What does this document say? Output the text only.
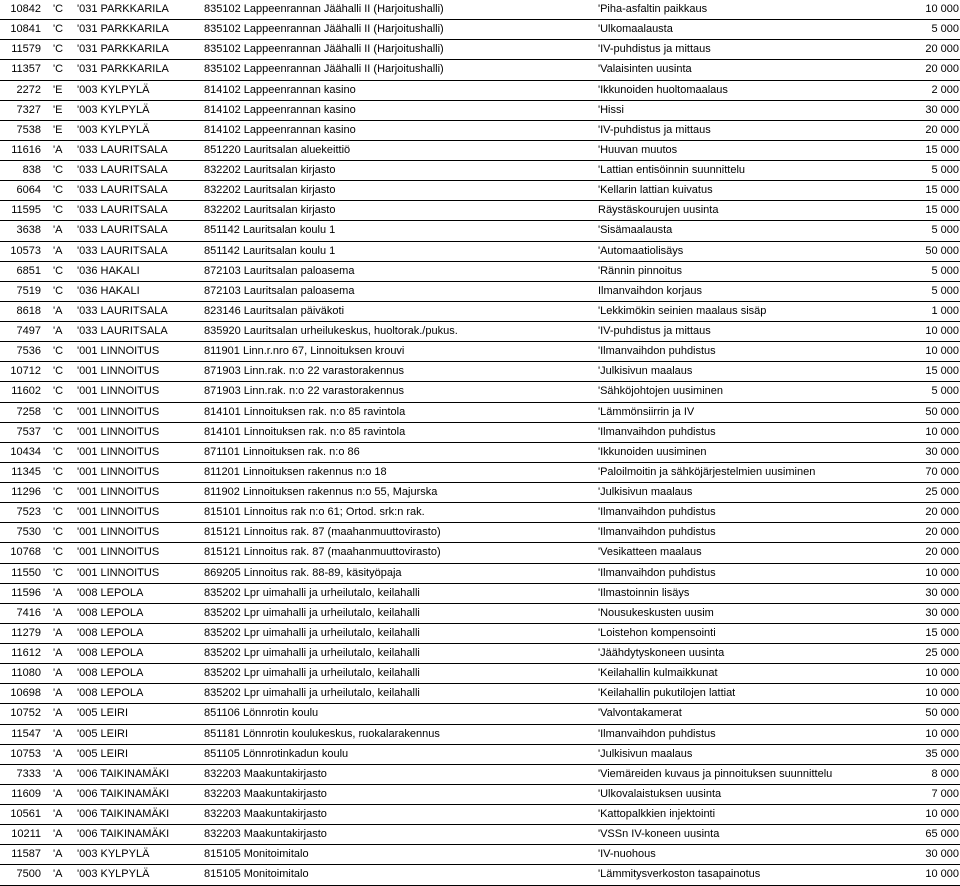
10842	'C	'031 PARKKARILA	835102 Lappeenrannan Jäähalli II (Harjoitushalli)	'Piha-asfaltin paikkaus	10 000
10841	'C	'031 PARKKARILA	835102 Lappeenrannan Jäähalli II (Harjoitushalli)	'Ulkomaalausta	5 000
11579	'C	'031 PARKKARILA	835102 Lappeenrannan Jäähalli II (Harjoitushalli)	'IV-puhdistus ja mittaus	20 000
11357	'C	'031 PARKKARILA	835102 Lappeenrannan Jäähalli II (Harjoitushalli)	'Valaisinten uusinta	20 000
2272	'E	'003 KYLPYLÄ	814102 Lappeenrannan kasino	'Ikkunoiden huoltomaalaus	2 000
7327	'E	'003 KYLPYLÄ	814102 Lappeenrannan kasino	'Hissi	30 000
7538	'E	'003 KYLPYLÄ	814102 Lappeenrannan kasino	'IV-puhdistus ja mittaus	20 000
11616	'A	'033 LAURITSALA	851220 Lauritsalan aluekeittiö	'Huuvan muutos	15 000
838	'C	'033 LAURITSALA	832202 Lauritsalan kirjasto	'Lattian entisöinnin suunnittelu	5 000
6064	'C	'033 LAURITSALA	832202 Lauritsalan kirjasto	'Kellarin lattian kuivatus	15 000
11595	'C	'033 LAURITSALA	832202 Lauritsalan kirjasto	Räystäskourujen uusinta	15 000
3638	'A	'033 LAURITSALA	851142 Lauritsalan koulu 1	'Sisämaalausta	5 000
10573	'A	'033 LAURITSALA	851142 Lauritsalan koulu 1	'Automaatiolisäys	50 000
6851	'C	'036 HAKALI	872103 Lauritsalan paloasema	'Rännin pinnoitus	5 000
7519	'C	'036 HAKALI	872103 Lauritsalan paloasema	Ilmanvaihdon korjaus	5 000
8618	'A	'033 LAURITSALA	823146 Lauritsalan päiväkoti	'Lekkimökin seinien maalaus sisäp	1 000
7497	'A	'033 LAURITSALA	835920 Lauritsalan urheilukeskus, huoltorak./pukus.	'IV-puhdistus ja mittaus	10 000
7536	'C	'001 LINNOITUS	811901 Linn.r.nro 67, Linnoituksen krouvi	'Ilmanvaihdon puhdistus	10 000
10712	'C	'001 LINNOITUS	871903 Linn.rak. n:o 22 varastorakennus	'Julkisivun maalaus	15 000
11602	'C	'001 LINNOITUS	871903 Linn.rak. n:o 22 varastorakennus	'Sähköjohtojen uusiminen	5 000
7258	'C	'001 LINNOITUS	814101 Linnoituksen rak. n:o 85 ravintola	'Lämmönsiirrin ja IV	50 000
7537	'C	'001 LINNOITUS	814101 Linnoituksen rak. n:o 85 ravintola	'Ilmanvaihdon puhdistus	10 000
10434	'C	'001 LINNOITUS	871101 Linnoituksen rak. n:o 86	'Ikkunoiden uusiminen	30 000
11345	'C	'001 LINNOITUS	811201 Linnoituksen rakennus n:o 18	'Paloilmoitin ja sähköjärjestelmien uusiminen	70 000
11296	'C	'001 LINNOITUS	811902 Linnoituksen rakennus n:o 55, Majurska	'Julkisivun maalaus	25 000
7523	'C	'001 LINNOITUS	815101 Linnoitus rak n:o 61; Ortod. srk:n rak.	'Ilmanvaihdon puhdistus	20 000
7530	'C	'001 LINNOITUS	815121 Linnoitus rak. 87 (maahanmuuttovirasto)	'Ilmanvaihdon puhdistus	20 000
10768	'C	'001 LINNOITUS	815121 Linnoitus rak. 87 (maahanmuuttovirasto)	'Vesikatteen maalaus	20 000
11550	'C	'001 LINNOITUS	869205 Linnoitus rak. 88-89, käsityöpaja	'Ilmanvaihdon puhdistus	10 000
11596	'A	'008 LEPOLA	835202 Lpr uimahalli ja urheilutalo, keilahalli	'Ilmastoinnin lisäys	30 000
7416	'A	'008 LEPOLA	835202 Lpr uimahalli ja urheilutalo, keilahalli	'Nousukeskusten uusim	30 000
11279	'A	'008 LEPOLA	835202 Lpr uimahalli ja urheilutalo, keilahalli	'Loistehon kompensointi	15 000
11612	'A	'008 LEPOLA	835202 Lpr uimahalli ja urheilutalo, keilahalli	'Jäähdytyskoneen uusinta	25 000
11080	'A	'008 LEPOLA	835202 Lpr uimahalli ja urheilutalo, keilahalli	'Keilahallin kulmaikkunat	10 000
10698	'A	'008 LEPOLA	835202 Lpr uimahalli ja urheilutalo, keilahalli	'Keilahallin pukutilojen lattiat	10 000
10752	'A	'005 LEIRI	851106 Lönnrotin koulu	'Valvontakamerat	50 000
11547	'A	'005 LEIRI	851181 Lönnrotin koulukeskus, ruokalarakennus	'Ilmanvaihdon puhdistus	10 000
10753	'A	'005 LEIRI	851105 Lönnrotinkadun koulu	'Julkisivun maalaus	35 000
7333	'A	'006 TAIKINAMÄKI	832203 Maakuntakirjasto	'Viemäreiden kuvaus ja pinnoituksen suunnittelu	8 000
11609	'A	'006 TAIKINAMÄKI	832203 Maakuntakirjasto	'Ulkovalaistuksen uusinta	7 000
10561	'A	'006 TAIKINAMÄKI	832203 Maakuntakirjasto	'Kattopalkkien injektointi	10 000
10211	'A	'006 TAIKINAMÄKI	832203 Maakuntakirjasto	'VSSn IV-koneen uusinta	65 000
11587	'A	'003 KYLPYLÄ	815105 Monitoimitalo	'IV-nuohous	30 000
7500	'A	'003 KYLPYLÄ	815105 Monitoimitalo	'Lämmitysverkoston tasapainotus	10 000
